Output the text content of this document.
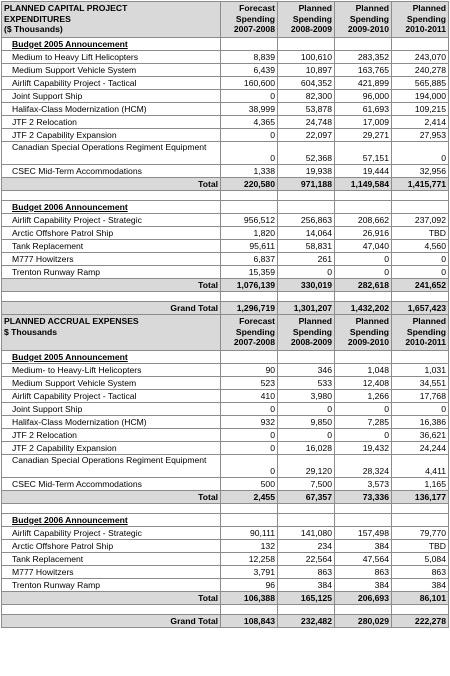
PLANNED CAPITAL PROJECT
EXPENDITURES
($ Thousands)	Forecast
Spending
2007-2008	Planned
Spending
2008-2009	Planned
Spending
2009-2010	Planned
Spending
2010-2011
Budget 2005 Announcement				
Medium to Heavy Lift Helicopters	8,839	100,610	283,352	243,070
Medium Support Vehicle System	6,439	10,897	163,765	240,278
Airlift Capability Project - Tactical	160,600	604,352	421,899	565,885
Joint Support Ship	0	82,300	96,000	194,000
Halifax-Class Modernization (HCM)	38,999	53,878	61,693	109,215
JTF 2 Relocation	4,365	24,748	17,009	2,414
JTF 2 Capability Expansion	0	22,097	29,271	27,953
Canadian Special Operations Regiment Equipment	0	52,368	57,151	0
CSEC Mid-Term Accommodations	1,338	19,938	19,444	32,956
Total	220,580	971,188	1,149,584	1,415,771

Budget 2006 Announcement				
Airlift Capability Project - Strategic	956,512	256,863	208,662	237,092
Arctic Offshore Patrol Ship	1,820	14,064	26,916	TBD
Tank Replacement	95,611	58,831	47,040	4,560
M777 Howitzers	6,837	261	0	0
Trenton Runway Ramp	15,359	0	0	0
Total	1,076,139	330,019	282,618	241,652

Grand Total	1,296,719	1,301,207	1,432,202	1,657,423
PLANNED ACCRUAL EXPENSES
$ Thousands	Forecast
Spending
2007-2008	Planned
Spending
2008-2009	Planned
Spending
2009-2010	Planned
Spending
2010-2011
Budget 2005 Announcement				
Medium- to Heavy-Lift Helicopters	90	346	1,048	1,031
Medium Support Vehicle System	523	533	12,408	34,551
Airlift Capability Project - Tactical	410	3,980	1,266	17,768
Joint Support Ship	0	0	0	0
Halifax-Class Modernization (HCM)	932	9,850	7,285	16,386
JTF 2 Relocation	0	0	0	36,621
JTF 2 Capability Expansion	0	16,028	19,432	24,244
Canadian Special Operations Regiment Equipment	0	29,120	28,324	4,411
CSEC Mid-Term Accommodations	500	7,500	3,573	1,165
Total	2,455	67,357	73,336	136,177

Budget 2006 Announcement				
Airlift Capability Project - Strategic	90,111	141,080	157,498	79,770
Arctic Offshore Patrol Ship	132	234	384	TBD
Tank Replacement	12,258	22,564	47,564	5,084
M777 Howitzers	3,791	863	863	863
Trenton Runway Ramp	96	384	384	384
Total	106,388	165,125	206,693	86,101

Grand Total	108,843	232,482	280,029	222,278
